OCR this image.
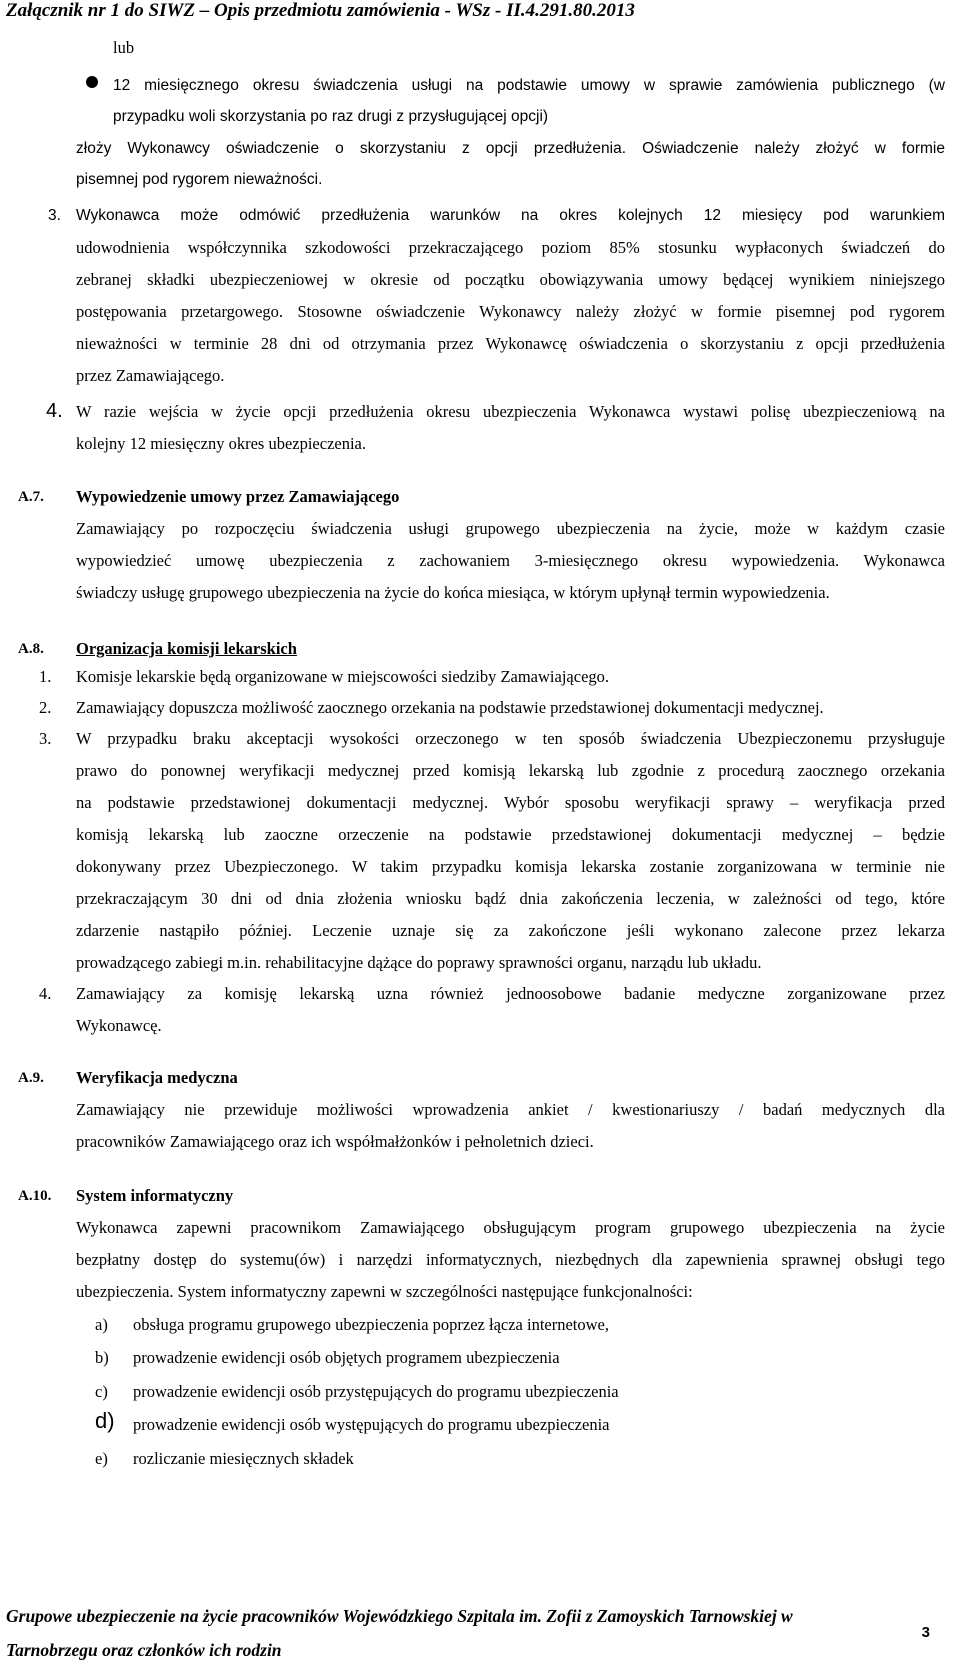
Załącznik nr 1 do SIWZ – Opis przedmiotu zamówienia - WSz - II.4.291.80.2013
lub
12 miesięcznego okresu świadczenia usługi na podstawie umowy w sprawie zamówienia publicznego (w
przypadku woli skorzystania po raz drugi z przysługującej opcji)
złoży Wykonawcy oświadczenie o skorzystaniu z opcji przedłużenia. Oświadczenie należy złożyć w formie
pisemnej pod rygorem nieważności.
3. Wykonawca może odmówić przedłużenia warunków na okres kolejnych 12 miesięcy pod warunkiem
udowodnienia współczynnika szkodowości przekraczającego poziom 85% stosunku wypłaconych świadczeń do
zebranej składki ubezpieczeniowej w okresie od początku obowiązywania umowy będącej wynikiem niniejszego
postępowania przetargowego. Stosowne oświadczenie Wykonawcy należy złożyć w formie pisemnej pod rygorem
nieważności w terminie 28 dni od otrzymania przez Wykonawcę oświadczenia o skorzystaniu z opcji przedłużenia
przez Zamawiającego.
4. W razie wejścia w życie opcji przedłużenia okresu ubezpieczenia Wykonawca wystawi polisę ubezpieczeniową na
kolejny 12 miesięczny okres ubezpieczenia.
A.7. Wypowiedzenie umowy przez Zamawiającego
Zamawiający po rozpoczęciu świadczenia usługi grupowego ubezpieczenia na życie, może w każdym czasie
wypowiedzieć umowę ubezpieczenia z zachowaniem 3-miesięcznego okresu wypowiedzenia. Wykonawca
świadczy usługę grupowego ubezpieczenia na życie do końca miesiąca, w którym upłynął termin wypowiedzenia.
A.8. Organizacja komisji lekarskich
1. Komisje lekarskie będą organizowane w miejscowości siedziby Zamawiającego.
2. Zamawiający dopuszcza możliwość zaocznego orzekania na podstawie przedstawionej dokumentacji medycznej.
3. W przypadku braku akceptacji wysokości orzeczonego w ten sposób świadczenia Ubezpieczonemu przysługuje
prawo do ponownej weryfikacji medycznej przed komisją lekarską lub zgodnie z procedurą zaocznego orzekania
na podstawie przedstawionej dokumentacji medycznej. Wybór sposobu weryfikacji sprawy – weryfikacja przed
komisją lekarską lub zaoczne orzeczenie na podstawie przedstawionej dokumentacji medycznej – będzie
dokonywany przez Ubezpieczonego. W takim przypadku komisja lekarska zostanie zorganizowana w terminie nie
przekraczającym 30 dni od dnia złożenia wniosku bądź dnia zakończenia leczenia, w zależności od tego, które
zdarzenie nastąpiło później. Leczenie uznaje się za zakończone jeśli wykonano zalecone przez lekarza
prowadzącego zabiegi m.in. rehabilitacyjne dążące do poprawy sprawności organu, narządu lub układu.
4. Zamawiający za komisję lekarską uzna również jednoosobowe badanie medyczne zorganizowane przez
Wykonawcę.
A.9. Weryfikacja medyczna
Zamawiający nie przewiduje możliwości wprowadzenia ankiet / kwestionariuszy / badań medycznych dla
pracowników Zamawiającego oraz ich współmałżonków i pełnoletnich dzieci.
A.10. System informatyczny
Wykonawca zapewni pracownikom Zamawiającego obsługującym program grupowego ubezpieczenia na życie
bezpłatny dostęp do systemu(ów) i narzędzi informatycznych, niezbędnych dla zapewnienia sprawnej obsługi tego
ubezpieczenia. System informatyczny zapewni w szczególności następujące funkcjonalności:
a) obsługa programu grupowego ubezpieczenia poprzez łącza internetowe,
b) prowadzenie ewidencji osób objętych programem ubezpieczenia
c) prowadzenie ewidencji osób przystępujących do programu ubezpieczenia
d) prowadzenie ewidencji osób występujących do programu ubezpieczenia
e) rozliczanie miesięcznych składek
Grupowe ubezpieczenie na życie pracowników Wojewódzkiego Szpitala im. Zofii z Zamoyskich Tarnowskiej w
Tarnobrzegu oraz członków ich rodzin
3
